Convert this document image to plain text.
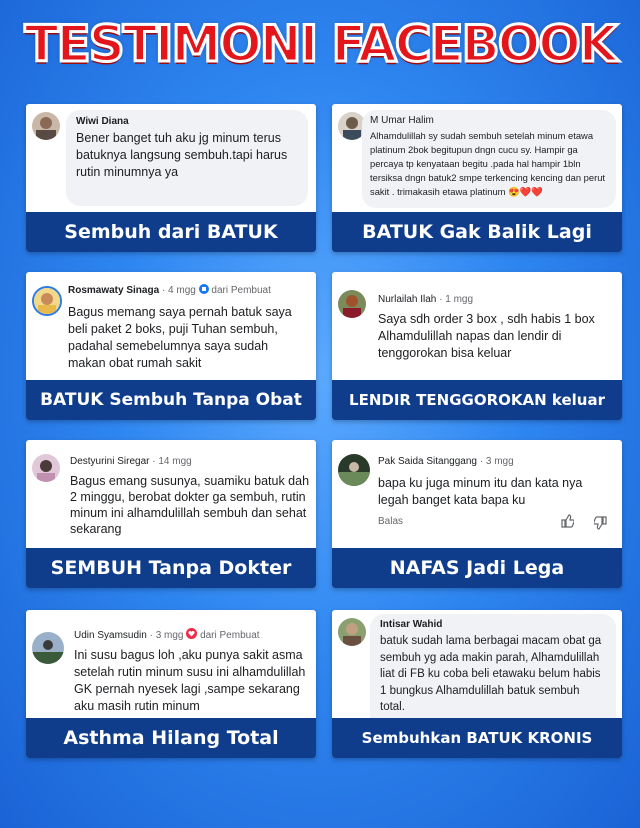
TESTIMONI FACEBOOK
Wiwi Diana
Bener banget tuh aku jg minum terus batuknya langsung sembuh.tapi harus rutin minumnya ya
Sembuh dari BATUK
M Umar Halim
Alhamdulillah sy sudah sembuh setelah minum etawa platinum 2bok begitupun dngn cucu sy. Hampir ga percaya tp kenyataan begitu .pada hal hampir 1bln tersiksa dngn batuk2 smpe terkencing kencing dan perut sakit . trimakasih etawa platinum 😍❤️❤️
BATUK Gak Balik Lagi
Rosmawaty Sinaga · 4 mgg dari Pembuat
Bagus memang saya pernah batuk saya beli paket 2 boks, puji Tuhan sembuh, padahal semebelumnya saya sudah makan obat rumah sakit
BATUK Sembuh Tanpa Obat
Nurlailah Ilah · 1 mgg
Saya sdh order 3 box , sdh habis 1 box Alhamdulillah napas dan lendir di tenggorokan bisa keluar
LENDIR TENGGOROKAN keluar
Destyurini Siregar · 14 mgg
Bagus emang susunya, suamiku batuk dah 2 minggu, berobat dokter ga sembuh, rutin minum ini alhamdulillah sembuh dan sehat sekarang
SEMBUH Tanpa Dokter
Pak Saida Sitanggang · 3 mgg
bapa ku juga minum itu dan kata nya legah banget kata bapa ku
Balas
NAFAS Jadi Lega
Udin Syamsudin · 3 mgg dari Pembuat
Ini susu bagus loh ,aku punya sakit asma setelah rutin minum susu ini alhamdulillah GK pernah nyesek lagi ,sampe sekarang aku masih rutin minum
Asthma Hilang Total
Intisar Wahid
batuk sudah lama berbagai macam obat ga sembuh yg ada makin parah, Alhamdulillah liat di FB ku coba beli etawaku belum habis 1 bungkus Alhamdulillah batuk sembuh total.
Sembuhkan BATUK KRONIS
